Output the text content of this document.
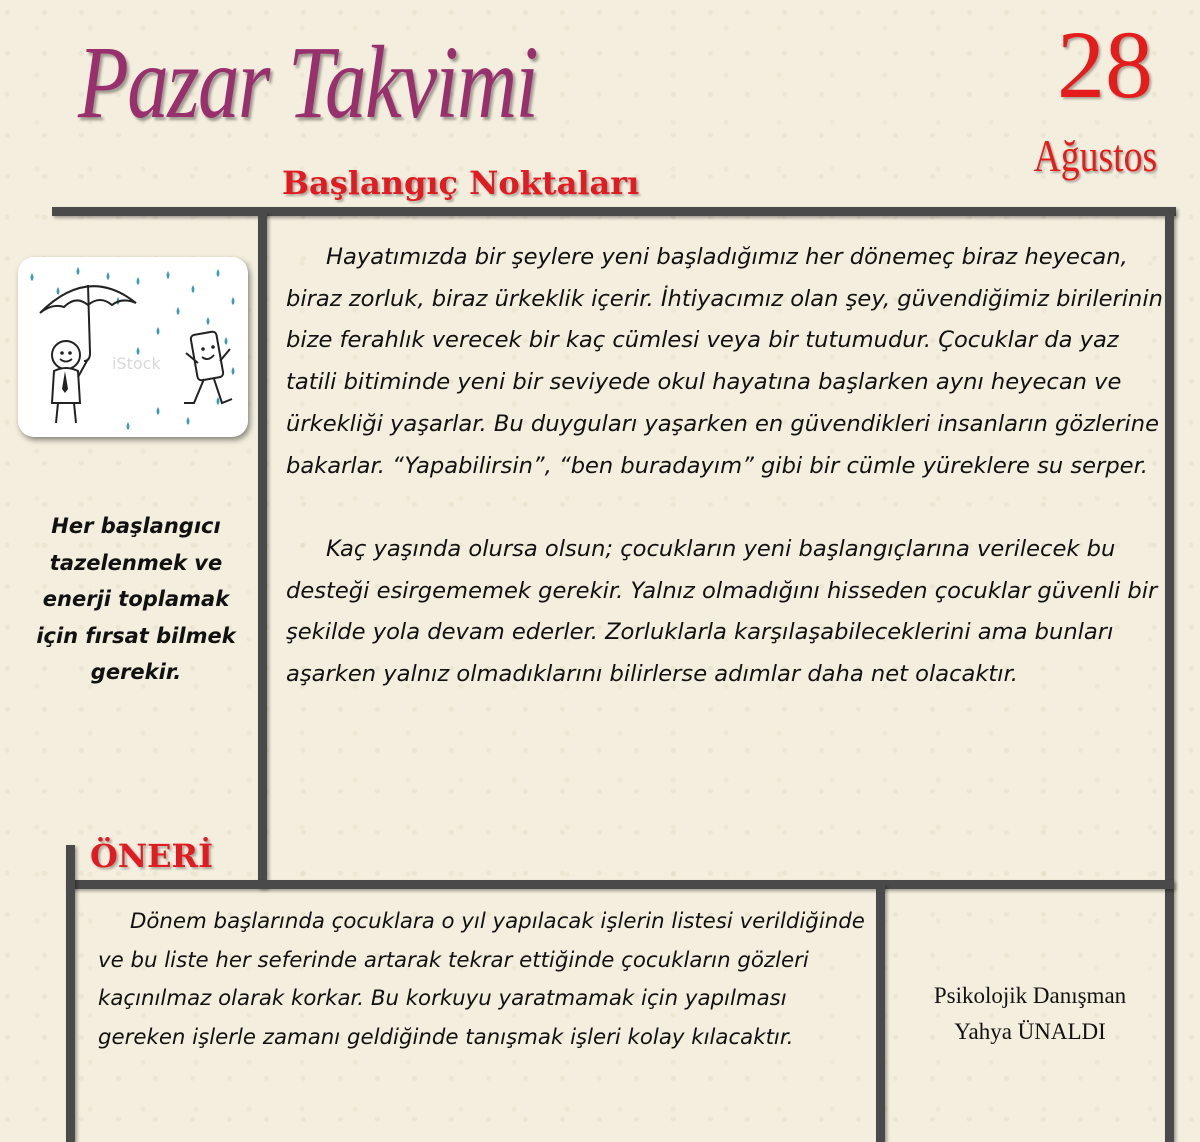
Pazar Takvimi	28
Ağustos
Başlangıç Noktaları
iStock
Her başlangıcı tazelenmek ve enerji toplamak için fırsat bilmek gerekir.

Hayatımızda bir şeylere yeni başladığımız her dönemeç biraz heyecan, biraz zorluk, biraz ürkeklik içerir. İhtiyacımız olan şey, güvendiğimiz birilerinin bize ferahlık verecek bir kaç cümlesi veya bir tutumudur. Çocuklar da yaz tatili bitiminde yeni bir seviyede okul hayatına başlarken aynı heyecan ve ürkekliği yaşarlar. Bu duyguları yaşarken en güvendikleri insanların gözlerine bakarlar. “Yapabilirsin”, “ben buradayım” gibi bir cümle yüreklere su serper.

Kaç yaşında olursa olsun; çocukların yeni başlangıçlarına verilecek bu desteği esirgememek gerekir. Yalnız olmadığını hisseden çocuklar güvenli bir şekilde yola devam ederler. Zorluklarla karşılaşabileceklerini ama bunları aşarken yalnız olmadıklarını bilirlerse adımlar daha net olacaktır.

ÖNERİ
Dönem başlarında çocuklara o yıl yapılacak işlerin listesi verildiğinde ve bu liste her seferinde artarak tekrar ettiğinde çocukların gözleri kaçınılmaz olarak korkar. Bu korkuyu yaratmamak için yapılması gereken işlerle zamanı geldiğinde tanışmak işleri kolay kılacaktır.
Psikolojik Danışman
Yahya ÜNALDI
